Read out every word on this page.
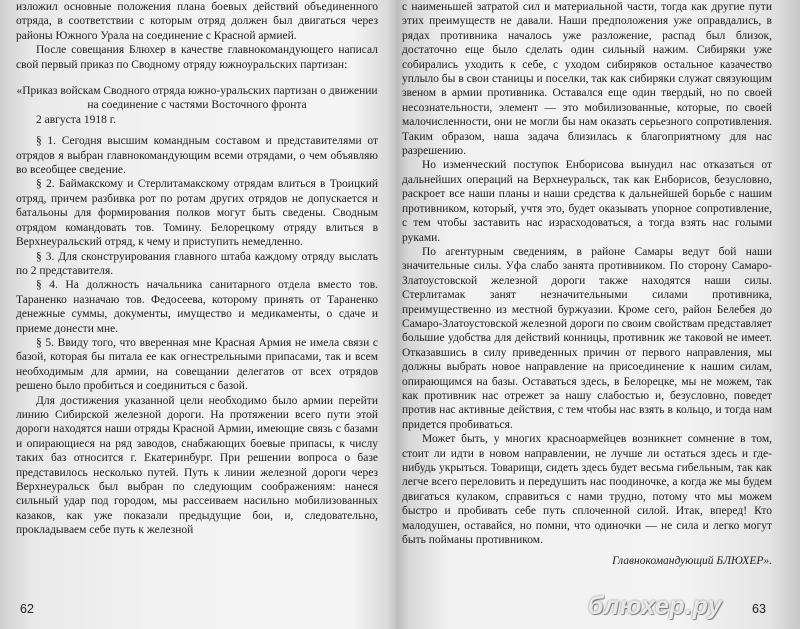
изложил основные положения плана боевых действий объединенного отряда, в соответствии с которым отряд должен был двигаться через районы Южного Урала на соединение с Красной армией.

После совещания Блюхер в качестве главнокомандующего написал свой первый приказ по Сводному отряду южноуральских партизан:

«Приказ войскам Сводного отряда южно-уральских партизан о движении на соединение с частями Восточного фронта

2 августа 1918 г.

§ 1. Сегодня высшим командным составом и представителями от отрядов я выбран главнокомандующим всеми отрядами, о чем объявляю во всеобщее сведение.

§ 2. Баймакскому и Стерлитамакскому отрядам влиться в Троицкий отряд, причем разбивка рот по ротам других отрядов не допускается и батальоны для формирования полков могут быть сведены. Сводным отрядом командовать тов. Томину. Белорецкому отряду влиться в Верхнеуральский отряд, к чему и приступить немедленно.

§ 3. Для сконструирования главного штаба каждому отряду выслать по 2 представителя.

§ 4. На должность начальника санитарного отдела вместо тов. Тараненко назначаю тов. Федосеева, которому принять от Тараненко денежные суммы, документы, имущество и медикаменты, о сдаче и приеме донести мне.

§ 5. Ввиду того, что вверенная мне Красная Армия не имела связи с базой, которая бы питала ее как огнестрельными припасами, так и всем необходимым для армии, на совещании делегатов от всех отрядов решено было пробиться и соединиться с базой.

Для достижения указанной цели необходимо было армии перейти линию Сибирской железной дороги. На протяжении всего пути этой дороги находятся наши отряды Красной Армии, имеющие связь с базами и опирающиеся на ряд заводов, снабжающих боевые припасы, к числу таких баз относится г. Екатеринбург. При решении вопроса о базе представилось несколько путей. Путь к линии железной дороги через Верхнеуральск был выбран по следующим соображениям: нанеся сильный удар под городом, мы рассеиваем насильно мобилизованных казаков, как уже показали предыдущие бои, и, следовательно, прокладываем себе путь к железной

с наименьшей затратой сил и материальной части, тогда как другие пути этих преимуществ не давали. Наши предположения уже оправдались, в рядах противника началось уже разложение, распад был близок, достаточно еще было сделать один сильный нажим. Сибиряки уже собирались уходить к себе, с уходом сибиряков остальное казачество уплыло бы в свои станицы и поселки, так как сибиряки служат связующим звеном в армии противника. Оставался еще один твердый, но по своей несознательности, элемент — это мобилизованные, которые, по своей малочисленности, они не могли бы нам оказать серьезного сопротивления. Таким образом, наша задача близилась к благоприятному для нас разрешению.

Но изменческий поступок Енборисова вынудил нас отказаться от дальнейших операций на Верхнеуральск, так как Енборисов, безусловно, раскроет все наши планы и наши средства к дальнейшей борьбе с нашим противником, который, учтя это, будет оказывать упорное сопротивление, с тем чтобы заставить нас израсходоваться, а тогда взять нас голыми руками.

По агентурным сведениям, в районе Самары ведут бой наши значительные силы. Уфа слабо занята противником. По сторону Самаро-Златоустовской железной дороги также находятся наши силы. Стерлитамак занят незначительными силами противника, преимущественно из местной буржуазии. Кроме сего, район Белебея до Самаро-Златоустовской железной дороги по своим свойствам представляет большие удобства для действий конницы, противник же таковой не имеет. Отказавшись в силу приведенных причин от первого направления, мы должны выбрать новое направление на присоединение к нашим силам, опирающимся на базы. Оставаться здесь, в Белорецке, мы не можем, так как противник нас отрежет за нашу слабостью и, безусловно, поведет против нас активные действия, с тем чтобы нас взять в кольцо, и тогда нам придется пробиваться.

Может быть, у многих красноармейцев возникнет сомнение в том, стоит ли идти в новом направлении, не лучше ли остаться здесь и где-нибудь укрыться. Товарищи, сидеть здесь будет весьма гибельным, так как легче всего переловить и передушить нас поодиночке, а когда же мы будем двигаться кулаком, справиться с нами трудно, потому что мы можем быстро и пробивать себе путь сплоченной силой. Итак, вперед! Кто малодушен, оставайся, но помни, что одиночки — не сила и легко могут быть пойманы противником.

Главнокомандующий БЛЮХЕР».

62	63
блюхер.ру
